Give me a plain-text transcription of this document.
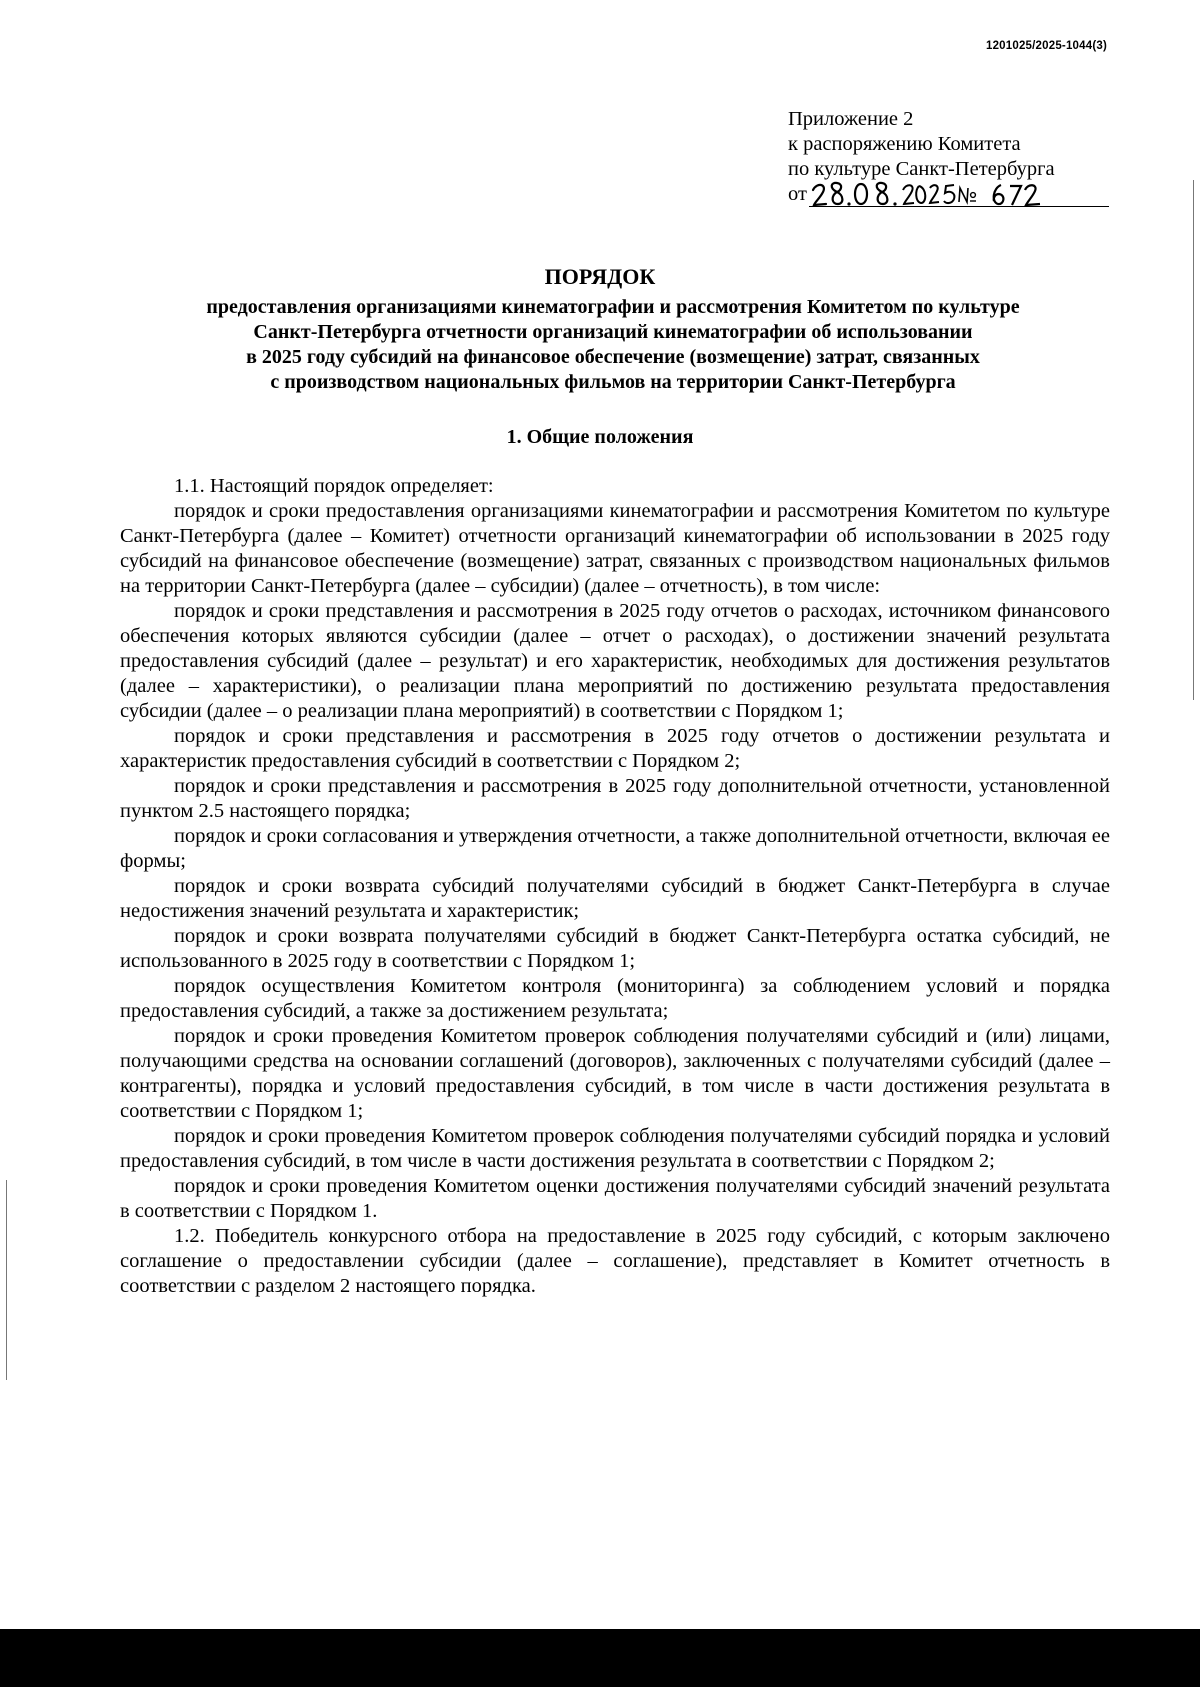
1201025/2025-1044(3)
Приложение 2
к распоряжению Комитета
по культуре Санкт-Петербурга
от
ПОРЯДОК
предоставления организациями кинематографии и рассмотрения Комитетом по культуре
Санкт-Петербурга отчетности организаций кинематографии об использовании
в 2025 году субсидий на финансовое обеспечение (возмещение) затрат, связанных
с производством национальных фильмов на территории Санкт-Петербурга
1. Общие положения

1.1. Настоящий порядок определяет:

порядок и сроки предоставления организациями кинематографии и рассмотрения Комитетом по культуре Санкт-Петербурга (далее – Комитет) отчетности организаций кинематографии об использовании в 2025 году субсидий на финансовое обеспечение (возмещение) затрат, связанных с производством национальных фильмов на территории Санкт-Петербурга (далее – субсидии) (далее – отчетность), в том числе:

порядок и сроки представления и рассмотрения в 2025 году отчетов о расходах, источником финансового обеспечения которых являются субсидии (далее – отчет о расходах), о достижении значений результата предоставления субсидий (далее – результат) и его характеристик, необходимых для достижения результатов (далее – характеристики), о реализации плана мероприятий по достижению результата предоставления субсидии (далее – о реализации плана мероприятий) в соответствии с Порядком 1;

порядок и сроки представления и рассмотрения в 2025 году отчетов о достижении результата и характеристик предоставления субсидий в соответствии с Порядком 2;

порядок и сроки представления и рассмотрения в 2025 году дополнительной отчетности, установленной пунктом 2.5 настоящего порядка;

порядок и сроки согласования и утверждения отчетности, а также дополнительной отчетности, включая ее формы;

порядок и сроки возврата субсидий получателями субсидий в бюджет Санкт-Петербурга в случае недостижения значений результата и характеристик;

порядок и сроки возврата получателями субсидий в бюджет Санкт-Петербурга остатка субсидий, не использованного в 2025 году в соответствии с Порядком 1;

порядок осуществления Комитетом контроля (мониторинга) за соблюдением условий и порядка предоставления субсидий, а также за достижением результата;

порядок и сроки проведения Комитетом проверок соблюдения получателями субсидий и (или) лицами, получающими средства на основании соглашений (договоров), заключенных с получателями субсидий (далее – контрагенты), порядка и условий предоставления субсидий, в том числе в части достижения результата в соответствии с Порядком 1;

порядок и сроки проведения Комитетом проверок соблюдения получателями субсидий порядка и условий предоставления субсидий, в том числе в части достижения результата в соответствии с Порядком 2;

порядок и сроки проведения Комитетом оценки достижения получателями субсидий значений результата в соответствии с Порядком 1.

1.2. Победитель конкурсного отбора на предоставление в 2025 году субсидий, с которым заключено соглашение о предоставлении субсидии (далее – соглашение), представляет в Комитет отчетность в соответствии с разделом 2 настоящего порядка.
